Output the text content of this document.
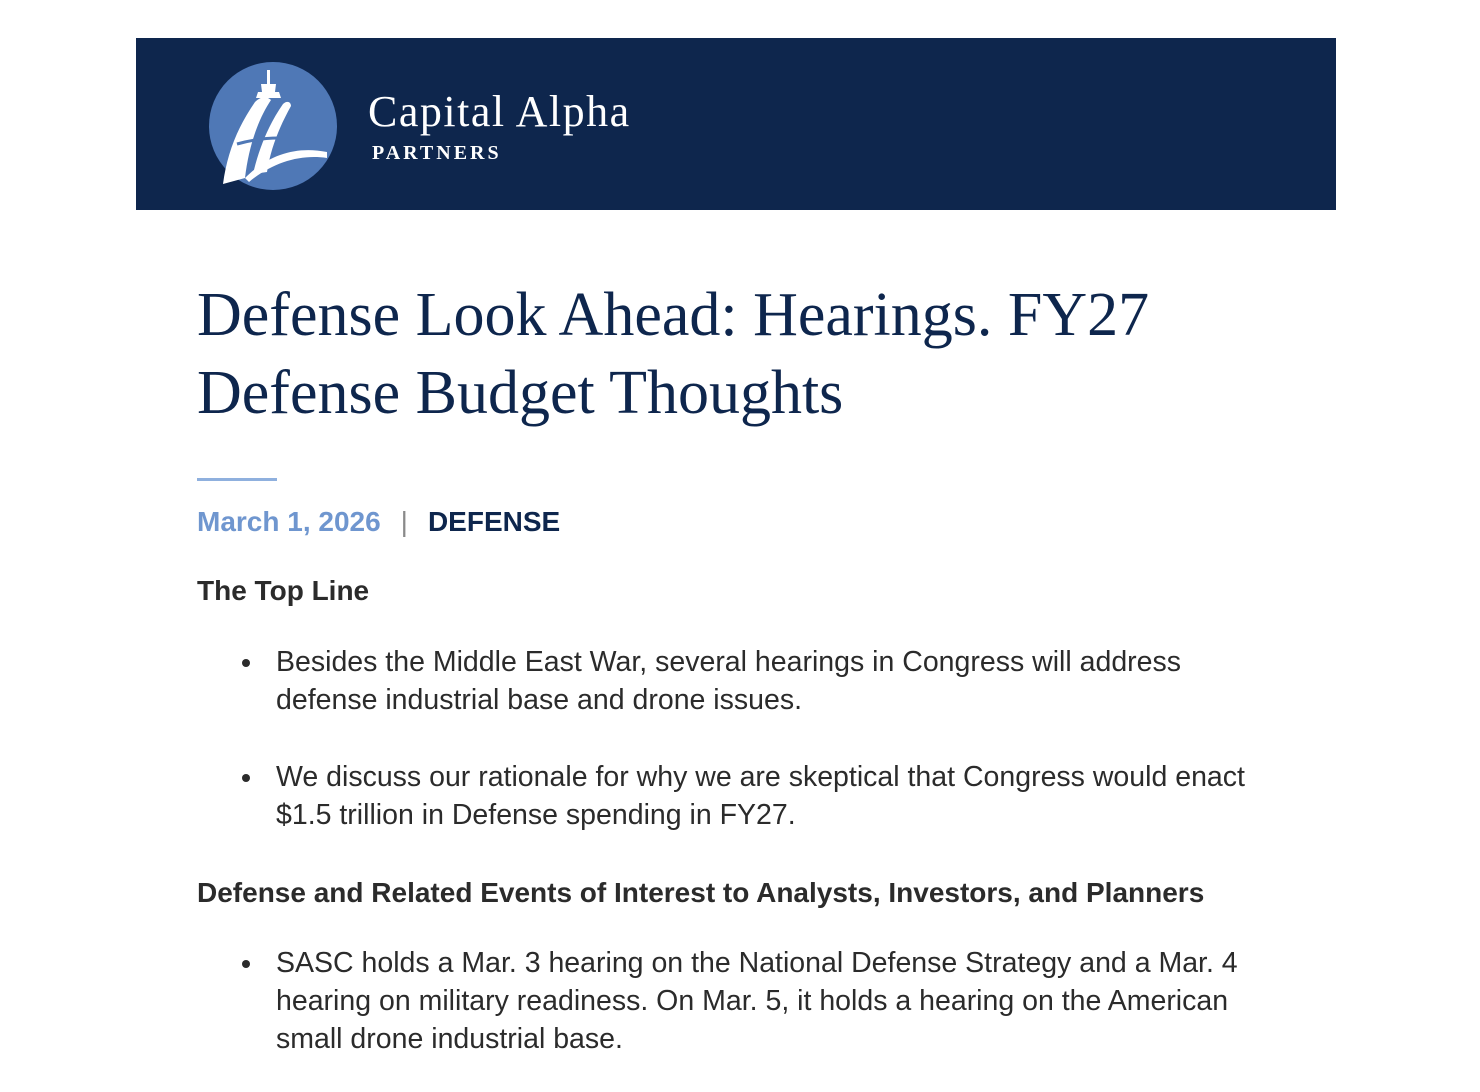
Capital Alpha
PARTNERS
Defense Look Ahead: Hearings. FY27 Defense Budget Thoughts
March 1, 2026 | DEFENSE
The Top Line
Besides the Middle East War, several hearings in Congress will address defense industrial base and drone issues.
We discuss our rationale for why we are skeptical that Congress would enact $1.5 trillion in Defense spending in FY27.
Defense and Related Events of Interest to Analysts, Investors, and Planners
SASC holds a Mar. 3 hearing on the National Defense Strategy and a Mar. 4 hearing on military readiness. On Mar. 5, it holds a hearing on the American small drone industrial base.
